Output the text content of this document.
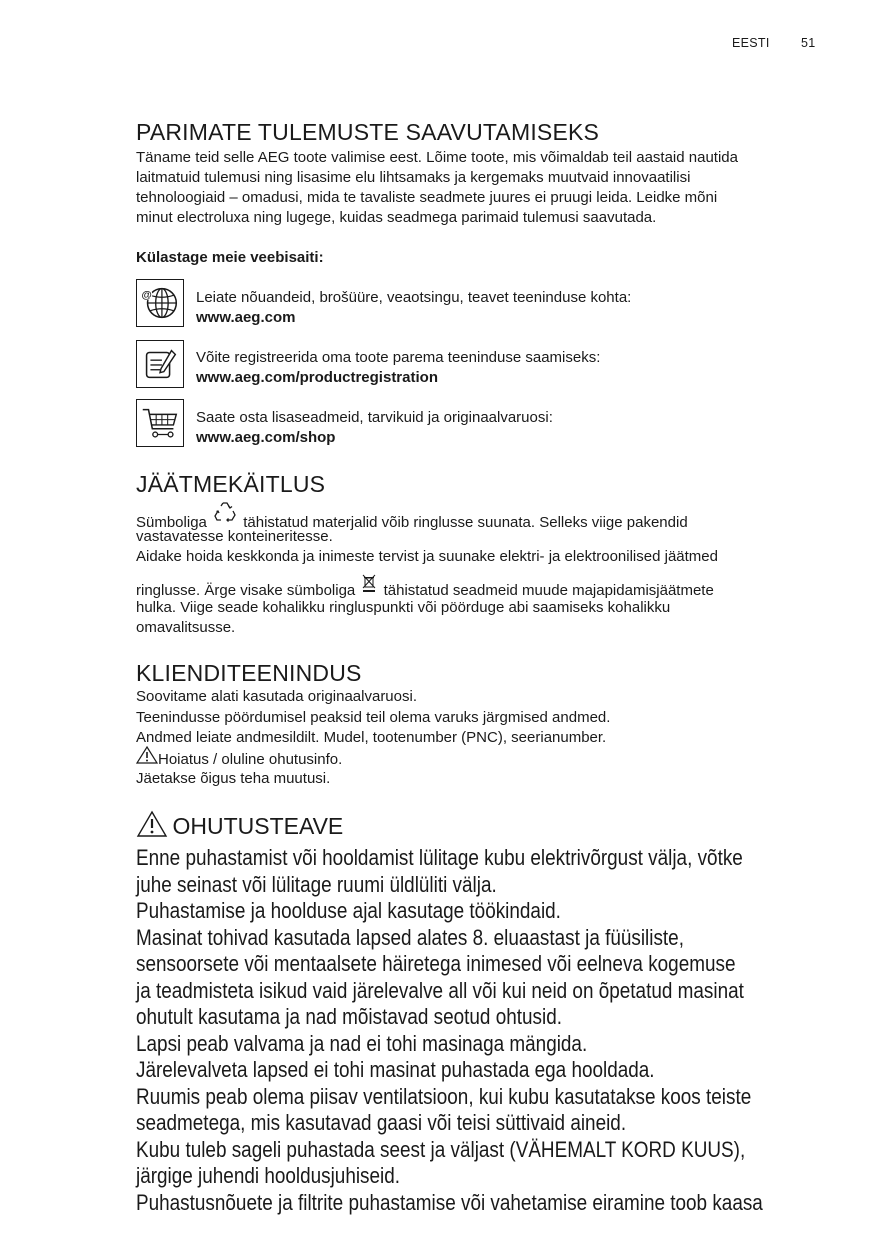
EESTI	51
PARIMATE TULEMUSTE SAAVUTAMISEKS

Täname teid selle AEG toote valimise eest. Lõime toote, mis võimaldab teil aastaid nautida

laitmatuid tulemusi ning lisasime elu lihtsamaks ja kergemaks muutvaid innovaatilisi

tehnoloogiaid – omadusi, mida te tavaliste seadmete juures ei pruugi leida. Leidke mõni

minut electroluxa ning lugege, kuidas seadmega parimaid tulemusi saavutada.

Külastage meie veebisaiti:

@	Leiate nõuandeid, brošüüre, veaotsingu, teavet teeninduse kohta:
www.aeg.com
Võite registreerida oma toote parema teeninduse saamiseks:
www.aeg.com/productregistration
Saate osta lisaseadmeid, tarvikuid ja originaalvaruosi:
www.aeg.com/shop
JÄÄTMEKÄITLUS

Sümboliga tähistatud materjalid võib ringlusse suunata. Selleks viige pakendid

vastavatesse konteineritesse.

Aidake hoida keskkonda ja inimeste tervist ja suunake elektri- ja elektroonilised jäätmed

ringlusse. Ärge visake sümboliga tähistatud seadmeid muude majapidamisjäätmete

hulka. Viige seade kohalikku ringluspunkti või pöörduge abi saamiseks kohalikku

omavalitsusse.

KLIENDITEENINDUS

Soovitame alati kasutada originaalvaruosi.

Teenindusse pöördumisel peaksid teil olema varuks järgmised andmed.

Andmed leiate andmesildilt. Mudel, tootenumber (PNC), seerianumber.

Hoiatus / oluline ohutusinfo.

Jäetakse õigus teha muutusi.

OHUTUSTEAVE
Enne puhastamist või hooldamist lülitage kubu elektrivõrgust välja, võtke
juhe seinast või lülitage ruumi üldlüliti välja.
Puhastamise ja hoolduse ajal kasutage töökindaid.
Masinat tohivad kasutada lapsed alates 8. eluaastast ja füüsiliste,
sensoorsete või mentaalsete häiretega inimesed või eelneva kogemuse
ja teadmisteta isikud vaid järelevalve all või kui neid on õpetatud masinat
ohutult kasutama ja nad mõistavad seotud ohtusid.
Lapsi peab valvama ja nad ei tohi masinaga mängida.
Järelevalveta lapsed ei tohi masinat puhastada ega hooldada.
Ruumis peab olema piisav ventilatsioon, kui kubu kasutatakse koos teiste
seadmetega, mis kasutavad gaasi või teisi süttivaid aineid.
Kubu tuleb sageli puhastada seest ja väljast (VÄHEMALT KORD KUUS),
järgige juhendi hooldusjuhiseid.
Puhastusnõuete ja filtrite puhastamise või vahetamise eiramine toob kaasa
